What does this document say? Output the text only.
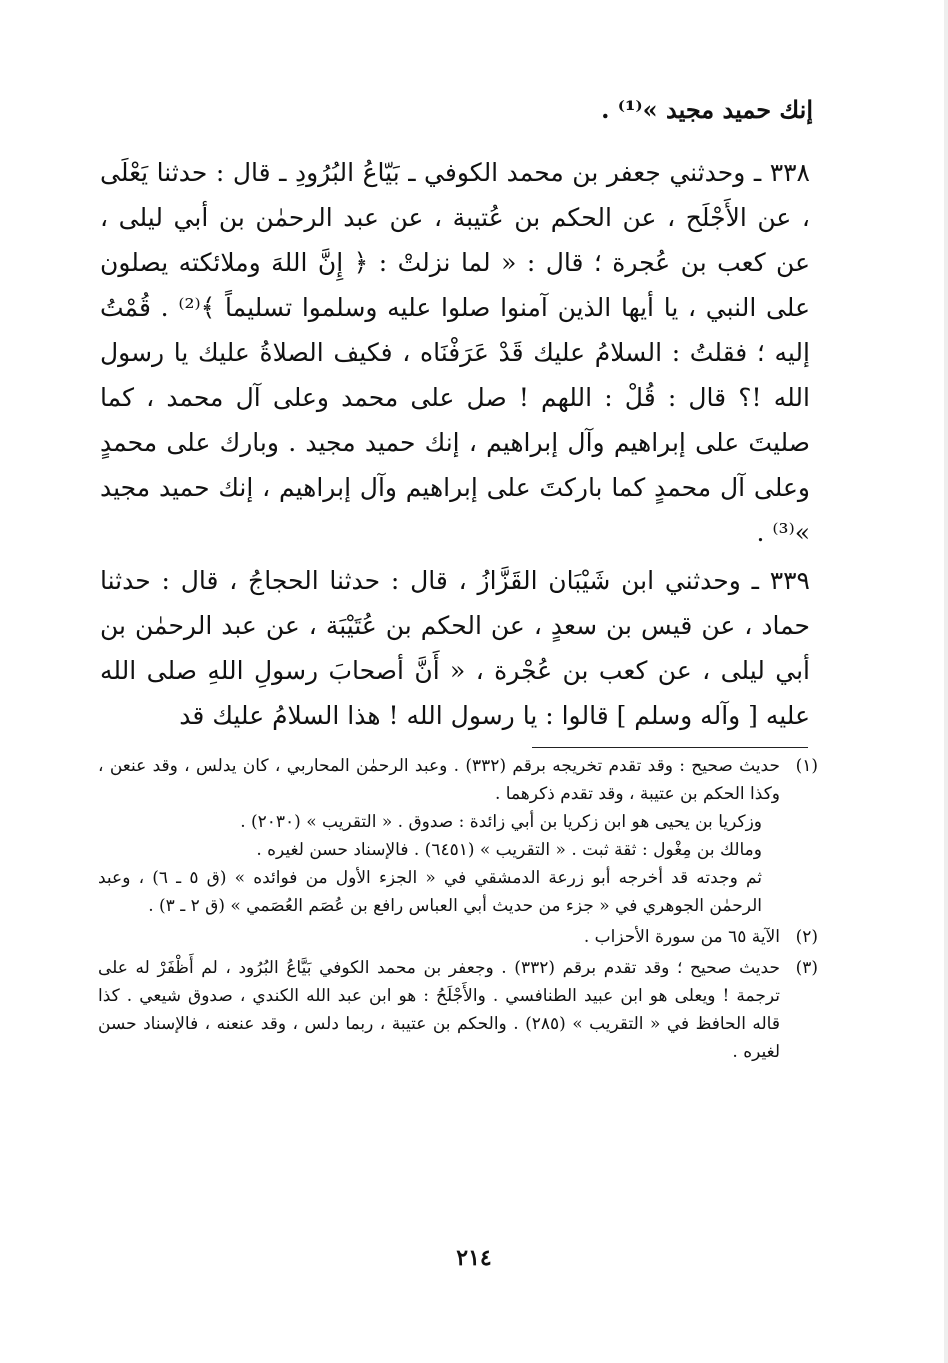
إنك حميد مجيد »⁽¹⁾ .
٣٣٨ ـ وحدثني جعفر بن محمد الكوفي ـ بَيّاعُ البُرُودِ ـ قال : حدثنا يَعْلَى ، عن الأَجْلَح ، عن الحكم بن عُتيبة ، عن عبد الرحمٰن بن أبي ليلى ، عن كعب بن عُجرة ؛ قال : « لما نزلتْ : ﴿ إِنَّ اللهَ وملائكته يصلون على النبي ، يا أيها الذين آمنوا صلوا عليه وسلموا تسليماً ﴾⁽²⁾ . قُمْتُ إليه ؛ فقلتُ : السلامُ عليك قَدْ عَرَفْنَاه ، فكيف الصلاةُ عليك يا رسول الله !؟ قال : قُلْ : اللهم ! صل على محمد وعلى آل محمد ، كما صليتَ على إبراهيم وآل إبراهيم ، إنك حميد مجيد . وبارك على محمدٍ وعلى آل محمدٍ كما باركتَ على إبراهيم وآل إبراهيم ، إنك حميد مجيد »⁽³⁾ .
٣٣٩ ـ وحدثني ابن شَيْبَان القَزَّازُ ، قال : حدثنا الحجاجُ ، قال : حدثنا حماد ، عن قيس بن سعدٍ ، عن الحكم بن عُتَيْبَة ، عن عبد الرحمٰن بن أبي ليلى ، عن كعب بن عُجْرة ، « أَنَّ أصحابَ رسولِ اللهِ صلى الله عليه [ وآله وسلم ] قالوا : يا رسول الله ! هذا السلامُ عليك قد
(١)

حديث صحيح : وقد تقدم تخريجه برقم (٣٣٢) . وعبد الرحمٰن المحاربي ، كان يدلس ، وقد عنعن ، وكذا الحكم بن عتيبة ، وقد تقدم ذكرهما .

وزكريا بن يحيى هو ابن زكريا بن أبي زائدة : صدوق . « التقريب » (٢٠٣٠) .

ومالك بن مِغْول : ثقة ثبت . « التقريب » (٦٤٥١) . فالإسناد حسن لغيره .

ثم وجدته قد أخرجه أبو زرعة الدمشقي في « الجزء الأول من فوائده » (ق ٥ ـ ٦) ، وعبد الرحمٰن الجوهري في « جزء من حديث أبي العباس رافع بن عُصَم العُصَمي » (ق ٢ ـ ٣) .

(٢)

الآية ٦٥ من سورة الأحزاب .

(٣)

حديث صحيح ؛ وقد تقدم برقم (٣٣٢) . وجعفر بن محمد الكوفي بَيَّاعُ البُرُود ، لم أَظْفَرْ له على ترجمة ! ويعلى هو ابن عبيد الطنافسي . والأَجْلَحُ : هو ابن عبد الله الكندي ، صدوق شيعي . كذا قاله الحافظ في « التقريب » (٢٨٥) . والحكم بن عتيبة ، ربما دلس ، وقد عنعنه ، فالإسناد حسن لغيره .

٢١٤
